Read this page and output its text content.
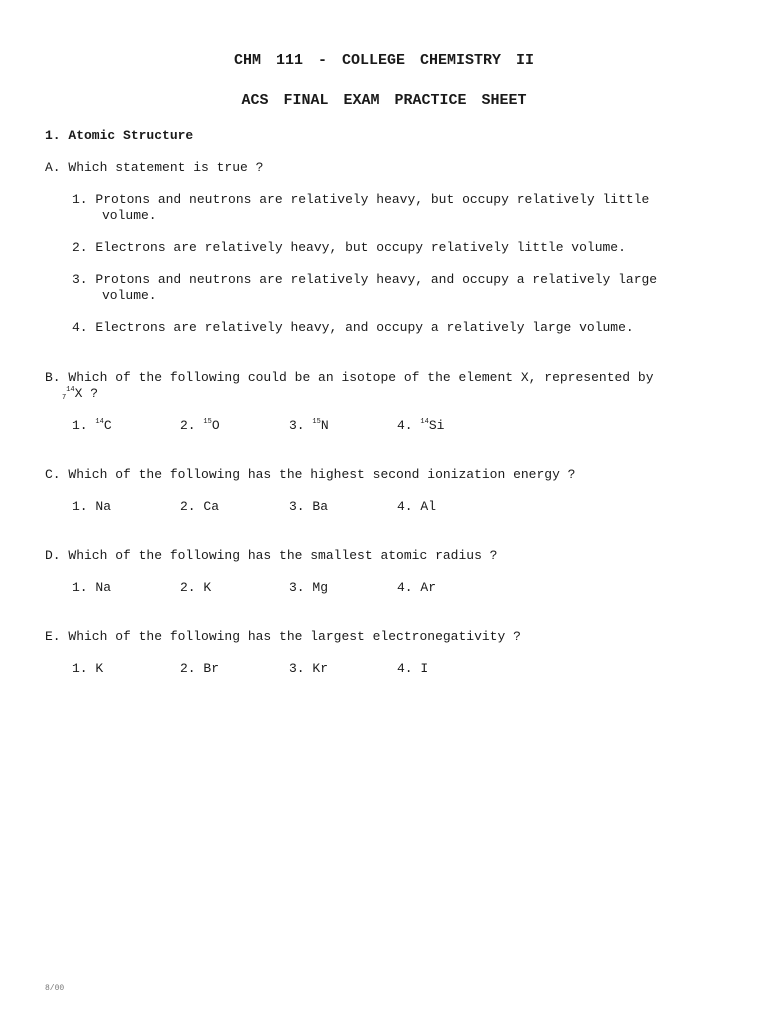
CHM 111 - COLLEGE CHEMISTRY II
ACS FINAL EXAM PRACTICE SHEET
1. Atomic Structure
A. Which statement is true ?
1. Protons and neutrons are relatively heavy, but occupy relatively little
volume.
2. Electrons are relatively heavy, but occupy relatively little volume.
3. Protons and neutrons are relatively heavy, and occupy a relatively large
volume.
4. Electrons are relatively heavy, and occupy a relatively large volume.
B. Which of the following could be an isotope of the element X, represented by
$_7^{14}$X ?
1. $^{14}$C	2. $^{15}$O	3. $^{15}$N	4. $^{14}$Si
C. Which of the following has the highest second ionization energy ?
1. Na	2. Ca	3. Ba	4. Al
D. Which of the following has the smallest atomic radius ?
1. Na	2. K	3. Mg	4. Ar
E. Which of the following has the largest electronegativity ?
1. K	2. Br	3. Kr	4. I
8/00
